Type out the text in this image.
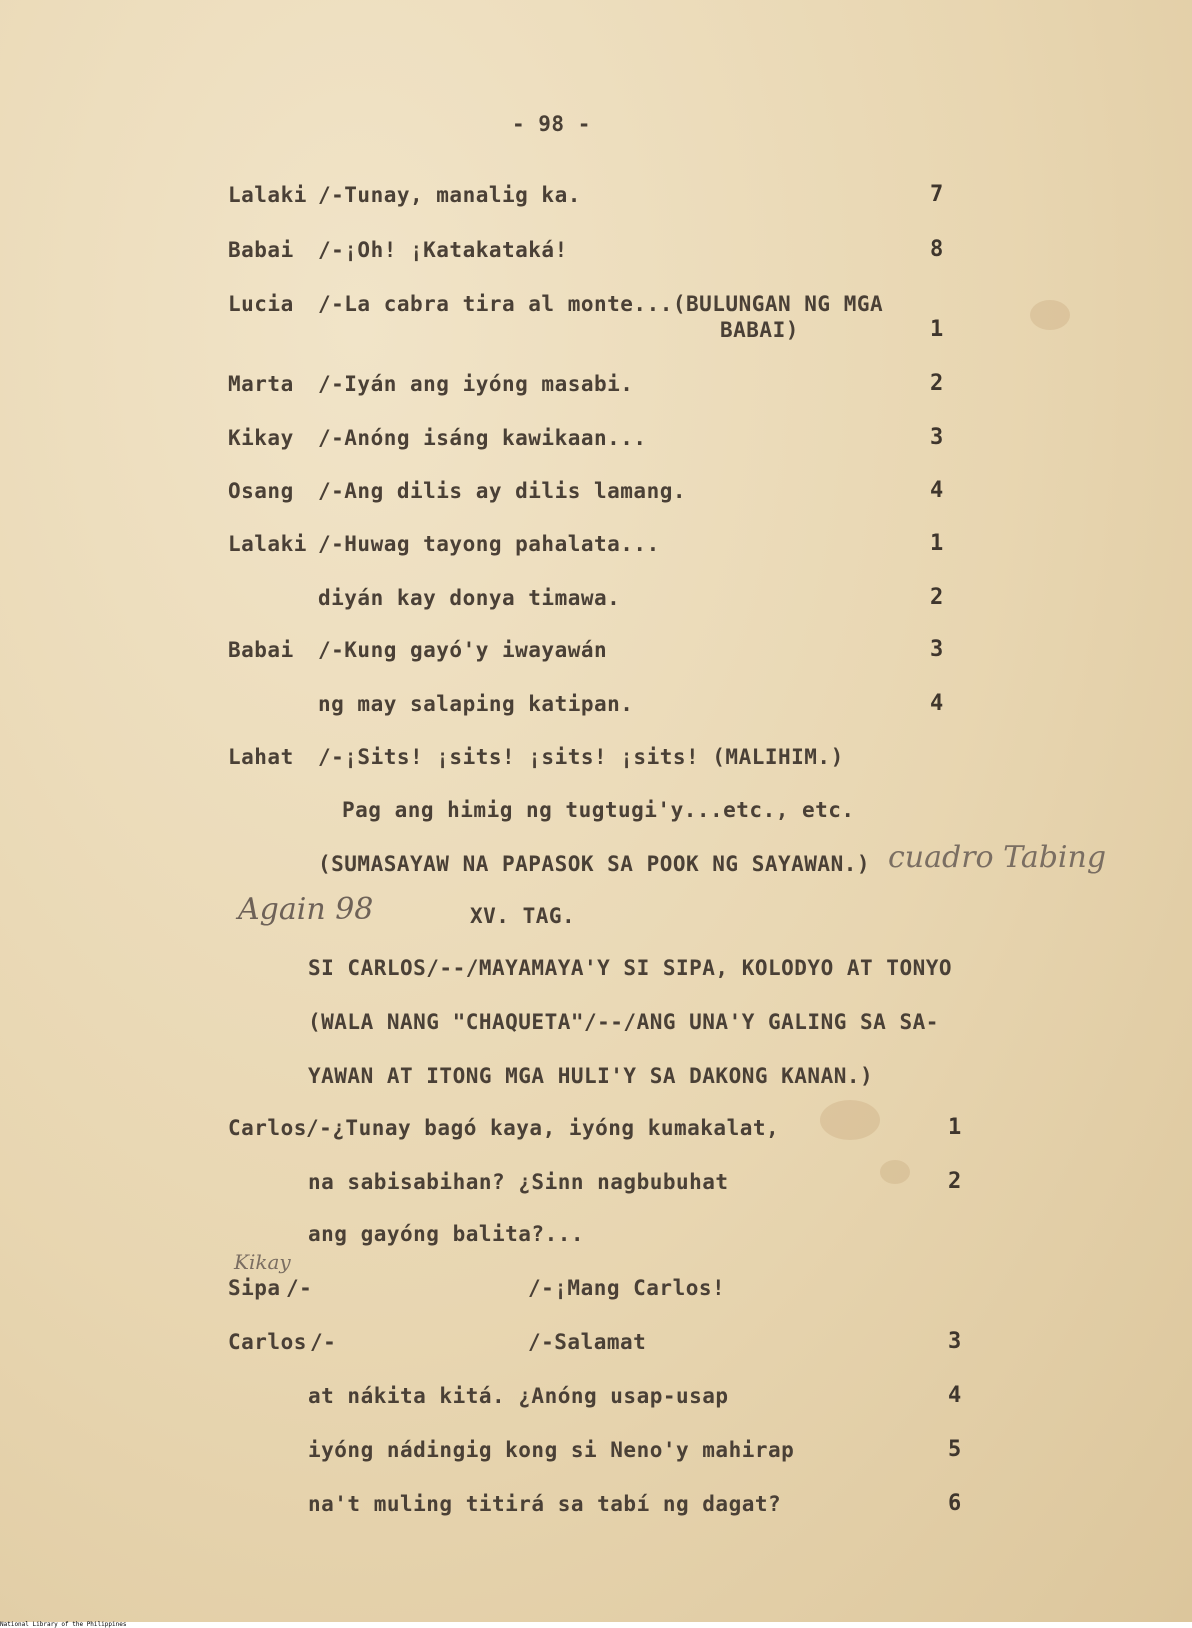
- 98 -
Lalaki /-Tunay, manalig ka.	7
Babai /-¡Oh! ¡Katakataká!	8
Lucia /-La cabra tira al monte...(BULUNGAN NG MGA
BABAI)	1
Marta /-Iyán ang iyóng masabi.	2
Kikay /-Anóng isáng kawikaan...	3
Osang /-Ang dilis ay dilis lamang.	4
Lalaki /-Huwag tayong pahalata...	1
diyán kay donya timawa.	2
Babai /-Kung gayó'y iwayawán	3
ng may salaping katipan.	4
Lahat /-¡Sits! ¡sits! ¡sits! ¡sits! (MALIHIM.)
Pag ang himig ng tugtugi'y...etc., etc.
(SUMASAYAW NA PAPASOK SA POOK NG SAYAWAN.)
XV. TAG.
SI CARLOS/--/MAYAMAYA'Y SI SIPA, KOLODYO AT TONYO
(WALA NANG "CHAQUETA"/--/ANG UNA'Y GALING SA SA-
YAWAN AT ITONG MGA HULI'Y SA DAKONG KANAN.)
Carlos /-¿Tunay bagó kaya, iyóng kumakalat,	1
na sabisabihan? ¿Sinn nagbubuhat	2
ang gayóng balita?...
Sipa /-	/-¡Mang Carlos!
Carlos /-	/-Salamat	3
at nákita kitá. ¿Anóng usap-usap	4
iyóng nádingig kong si Neno'y mahirap	5
na't muling titirá sa tabí ng dagat?	6
cuadro Tabing
Again 98
Kikay
National Library of the Philippines
